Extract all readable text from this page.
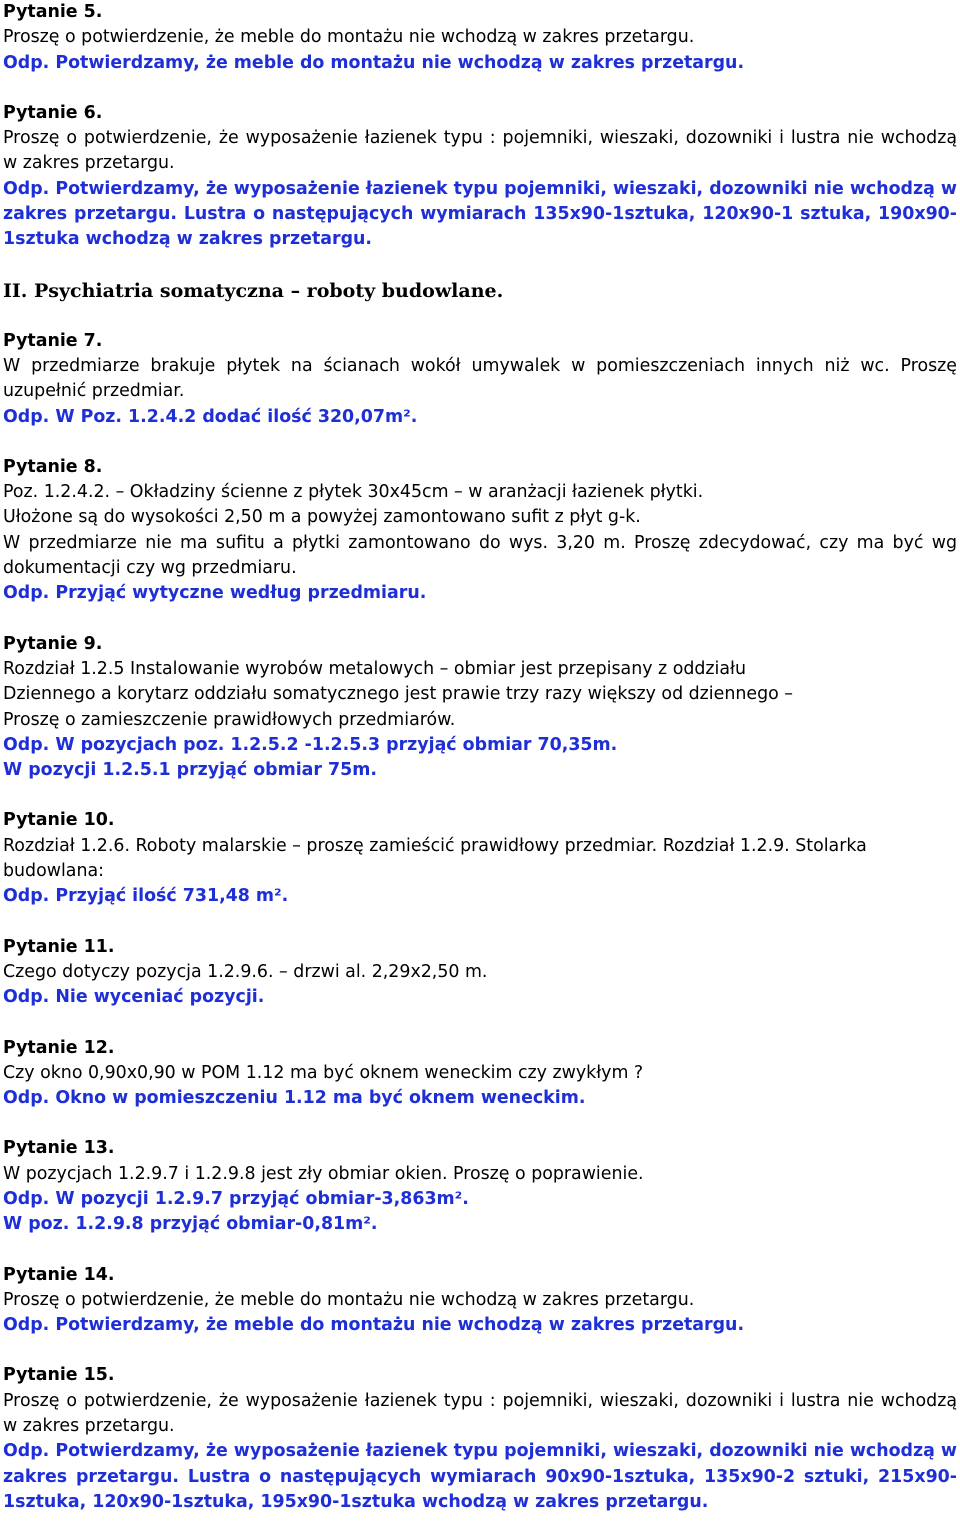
Pytanie 5.

Proszę o potwierdzenie, że meble do montażu nie wchodzą w zakres przetargu.

Odp. Potwierdzamy, że meble do montażu nie wchodzą w zakres przetargu.

Pytanie 6.

Proszę o potwierdzenie, że wyposażenie łazienek typu : pojemniki, wieszaki, dozowniki i lustra nie wchodzą w zakres przetargu.

Odp. Potwierdzamy, że wyposażenie łazienek typu pojemniki, wieszaki, dozowniki nie wchodzą w zakres przetargu. Lustra o następujących wymiarach 135x90-1sztuka, 120x90-1 sztuka, 190x90-1sztuka wchodzą w zakres przetargu.

II. Psychiatria somatyczna – roboty budowlane.

Pytanie 7.

W przedmiarze brakuje płytek na ścianach wokół umywalek w pomieszczeniach innych niż wc. Proszę uzupełnić przedmiar.

Odp. W Poz. 1.2.4.2 dodać ilość 320,07m².

Pytanie 8.

Poz. 1.2.4.2. – Okładziny ścienne z płytek 30x45cm – w aranżacji łazienek płytki.

Ułożone są do wysokości 2,50 m a powyżej zamontowano sufit z płyt g-k.

W przedmiarze nie ma sufitu a płytki zamontowano do wys. 3,20 m. Proszę zdecydować, czy ma być wg dokumentacji czy wg przedmiaru.

Odp. Przyjąć wytyczne według przedmiaru.

Pytanie 9.

Rozdział 1.2.5 Instalowanie wyrobów metalowych – obmiar jest przepisany z oddziału

Dziennego a korytarz oddziału somatycznego jest prawie trzy razy większy od dziennego –

Proszę o zamieszczenie prawidłowych przedmiarów.

Odp. W pozycjach poz. 1.2.5.2 -1.2.5.3 przyjąć obmiar 70,35m.

W pozycji 1.2.5.1 przyjąć obmiar 75m.

Pytanie 10.

Rozdział 1.2.6. Roboty malarskie – proszę zamieścić prawidłowy przedmiar. Rozdział 1.2.9. Stolarka budowlana:

Odp. Przyjąć ilość 731,48 m².

Pytanie 11.

Czego dotyczy pozycja 1.2.9.6. – drzwi al. 2,29x2,50 m.

Odp. Nie wyceniać pozycji.

Pytanie 12.

Czy okno 0,90x0,90 w POM 1.12 ma być oknem weneckim czy zwykłym ?

Odp. Okno w pomieszczeniu 1.12 ma być oknem weneckim.

Pytanie 13.

W pozycjach 1.2.9.7 i 1.2.9.8 jest zły obmiar okien. Proszę o poprawienie.

Odp. W pozycji 1.2.9.7 przyjąć obmiar-3,863m².

W poz. 1.2.9.8 przyjąć obmiar-0,81m².

Pytanie 14.

Proszę o potwierdzenie, że meble do montażu nie wchodzą w zakres przetargu.

Odp. Potwierdzamy, że meble do montażu nie wchodzą w zakres przetargu.

Pytanie 15.

Proszę o potwierdzenie, że wyposażenie łazienek typu : pojemniki, wieszaki, dozowniki i lustra nie wchodzą w zakres przetargu.

Odp. Potwierdzamy, że wyposażenie łazienek typu pojemniki, wieszaki, dozowniki nie wchodzą w zakres przetargu. Lustra o następujących wymiarach 90x90-1sztuka, 135x90-2 sztuki, 215x90-1sztuka, 120x90-1sztuka, 195x90-1sztuka wchodzą w zakres przetargu.
